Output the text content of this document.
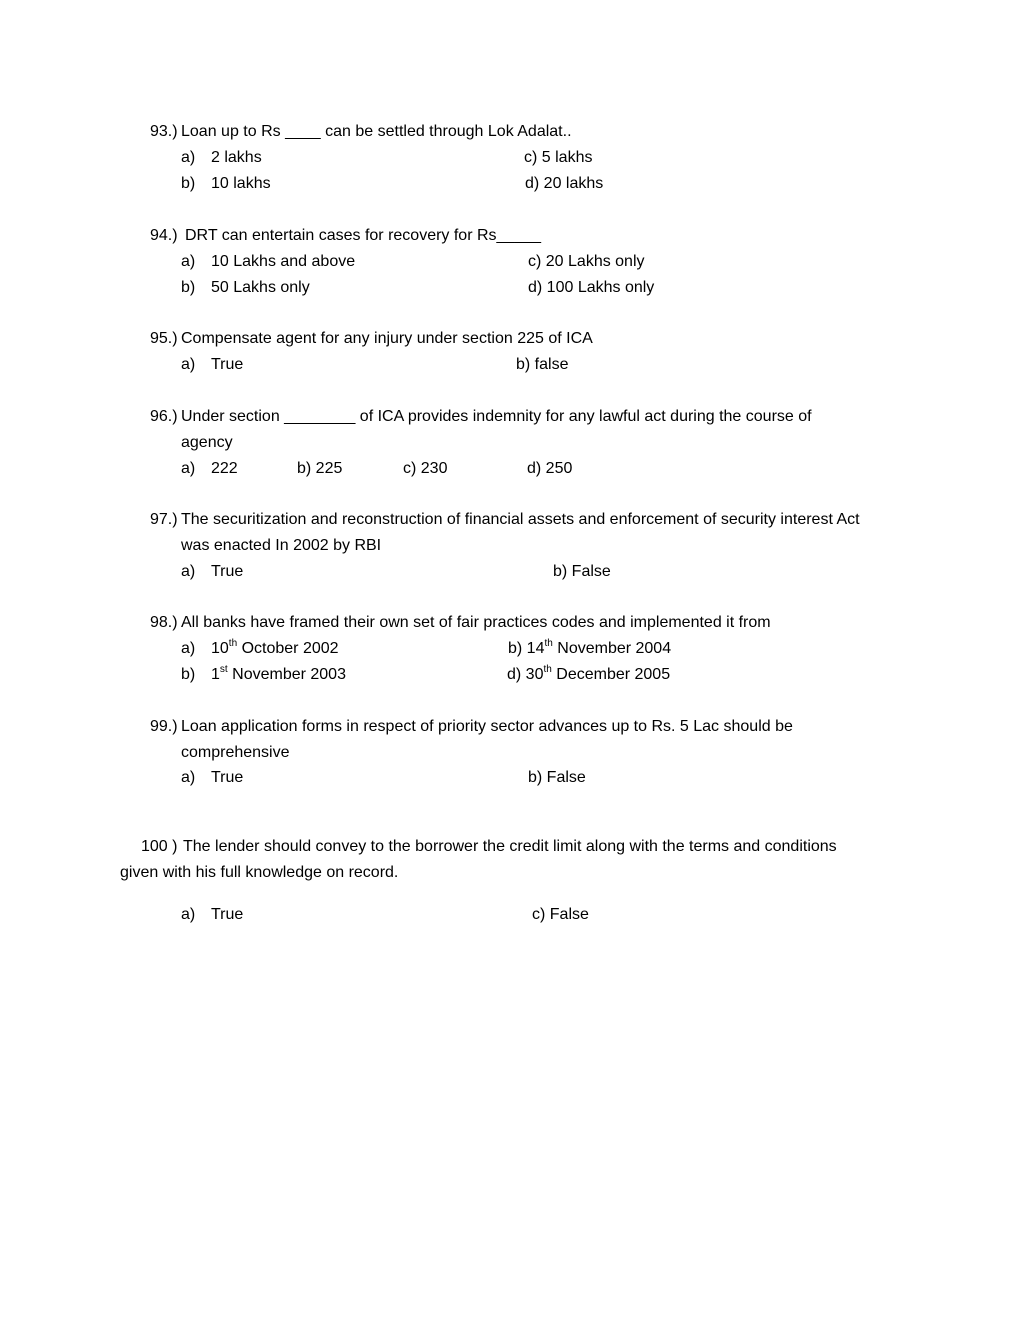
93.) Loan up to Rs ____ can be settled through Lok Adalat..
a) 2 lakhs	c) 5 lakhs
b) 10 lakhs	d) 20 lakhs
94.) DRT can entertain cases for recovery for Rs_____
a) 10 Lakhs and above	c) 20 Lakhs only
b) 50 Lakhs only	d) 100 Lakhs only
95.) Compensate agent for any injury under section 225 of ICA
a) True	b) false
96.) Under section ________ of ICA provides indemnity for any lawful act during the course of
agency
a) 222	b) 225	c) 230	d) 250
97.) The securitization and reconstruction of financial assets and enforcement of security interest Act
was enacted In 2002 by RBI
a) True	b) False
98.) All banks have framed their own set of fair practices codes and implemented it from
a) 10th October 2002	b) 14th November 2004
b) 1st November 2003	d) 30th December 2005
99.) Loan application forms in respect of priority sector advances up to Rs. 5 Lac should be
comprehensive
a) True	b) False
100 ) The lender should convey to the borrower the credit limit along with the terms and conditions
given with his full knowledge on record.
a) True	c) False
